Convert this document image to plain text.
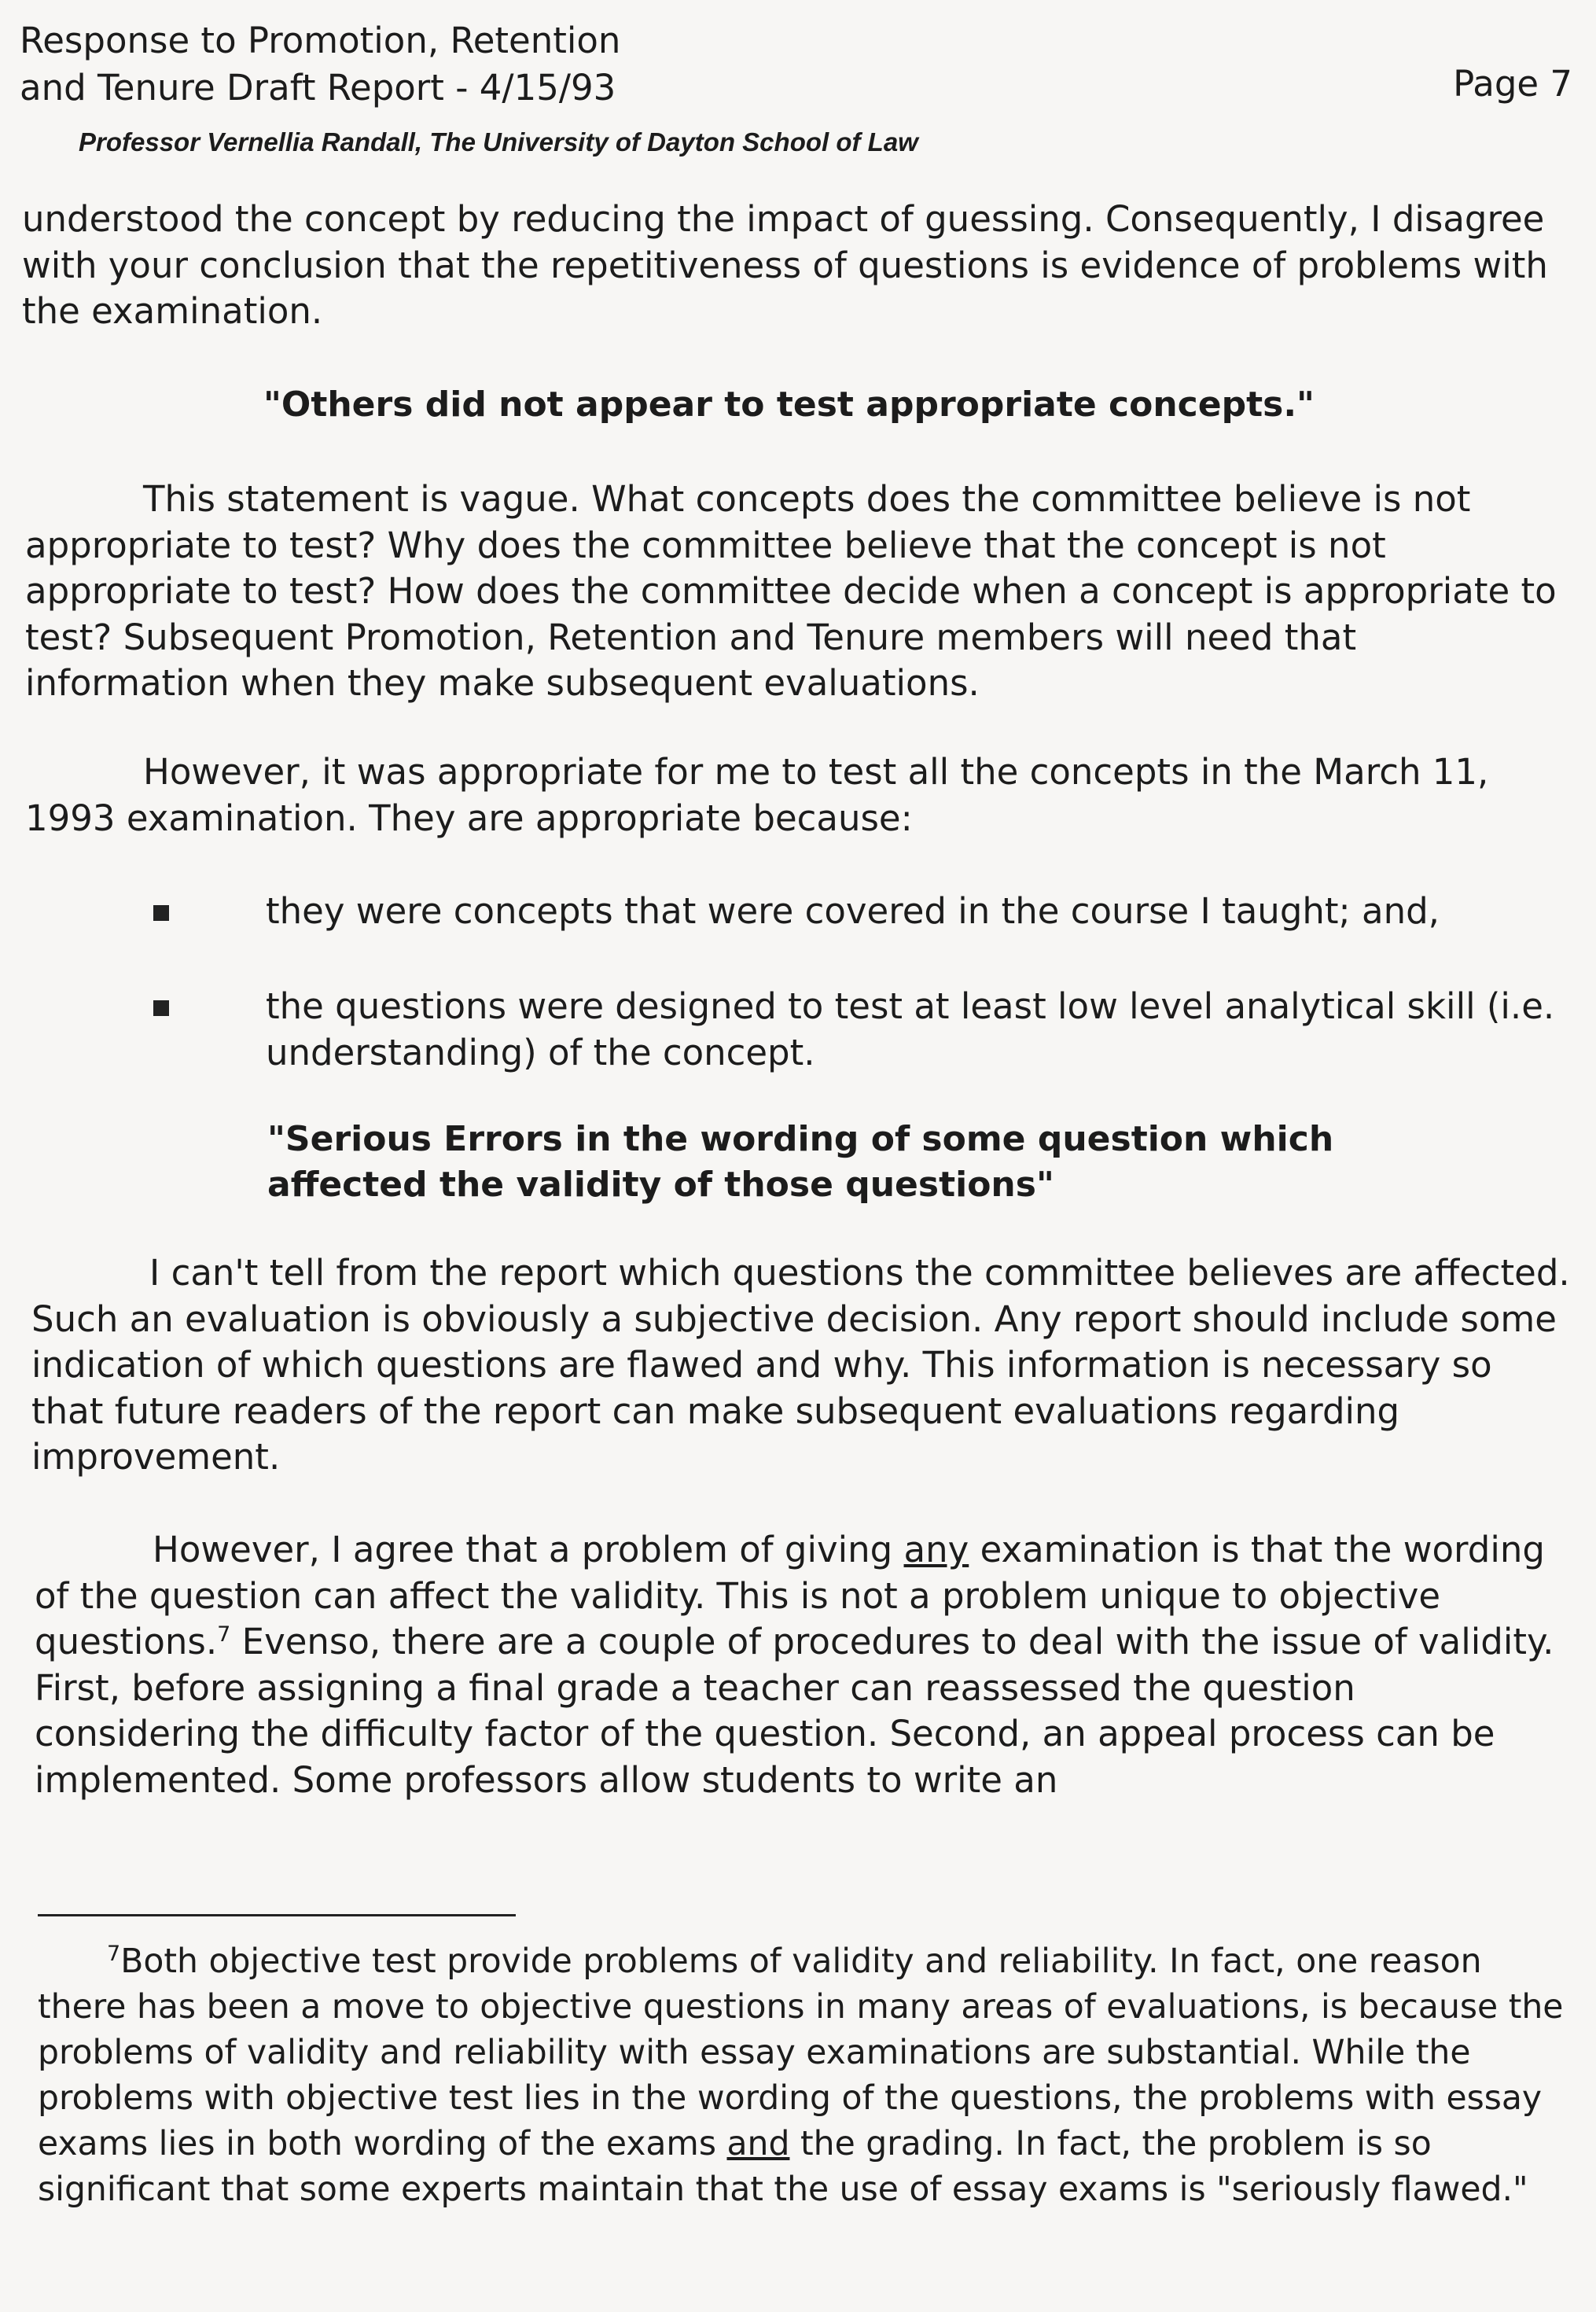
Response to Promotion, Retention
and Tenure Draft Report - 4/15/93	Page 7
Professor Vernellia Randall, The University of Dayton School of Law

understood the concept by reducing the impact of guessing. Consequently, I disagree with your conclusion that the repetitiveness of questions is evidence of problems with the examination.

"Others did not appear to test appropriate concepts."

This statement is vague. What concepts does the committee believe is not appropriate to test? Why does the committee believe that the concept is not appropriate to test? How does the committee decide when a concept is appropriate to test? Subsequent Promotion, Retention and Tenure members will need that information when they make subsequent evaluations.

However, it was appropriate for me to test all the concepts in the March 11, 1993 examination. They are appropriate because:

they were concepts that were covered in the course I taught; and,

the questions were designed to test at least low level analytical skill (i.e. understanding) of the concept.

"Serious Errors in the wording of some question which
affected the validity of those questions"

I can't tell from the report which questions the committee believes are affected. Such an evaluation is obviously a subjective decision. Any report should include some indication of which questions are flawed and why. This information is necessary so that future readers of the report can make subsequent evaluations regarding improvement.

However, I agree that a problem of giving any examination is that the wording of the question can affect the validity. This is not a problem unique to objective questions.$^7$ Evenso, there are a couple of procedures to deal with the issue of validity. First, before assigning a final grade a teacher can reassessed the question considering the difficulty factor of the question. Second, an appeal process can be implemented. Some professors allow students to write an

$^7$Both objective test provide problems of validity and reliability. In fact, one reason there has been a move to objective questions in many areas of evaluations, is because the problems of validity and reliability with essay examinations are substantial. While the problems with objective test lies in the wording of the questions, the problems with essay exams lies in both wording of the exams and the grading. In fact, the problem is so significant that some experts maintain that the use of essay exams is "seriously flawed."
